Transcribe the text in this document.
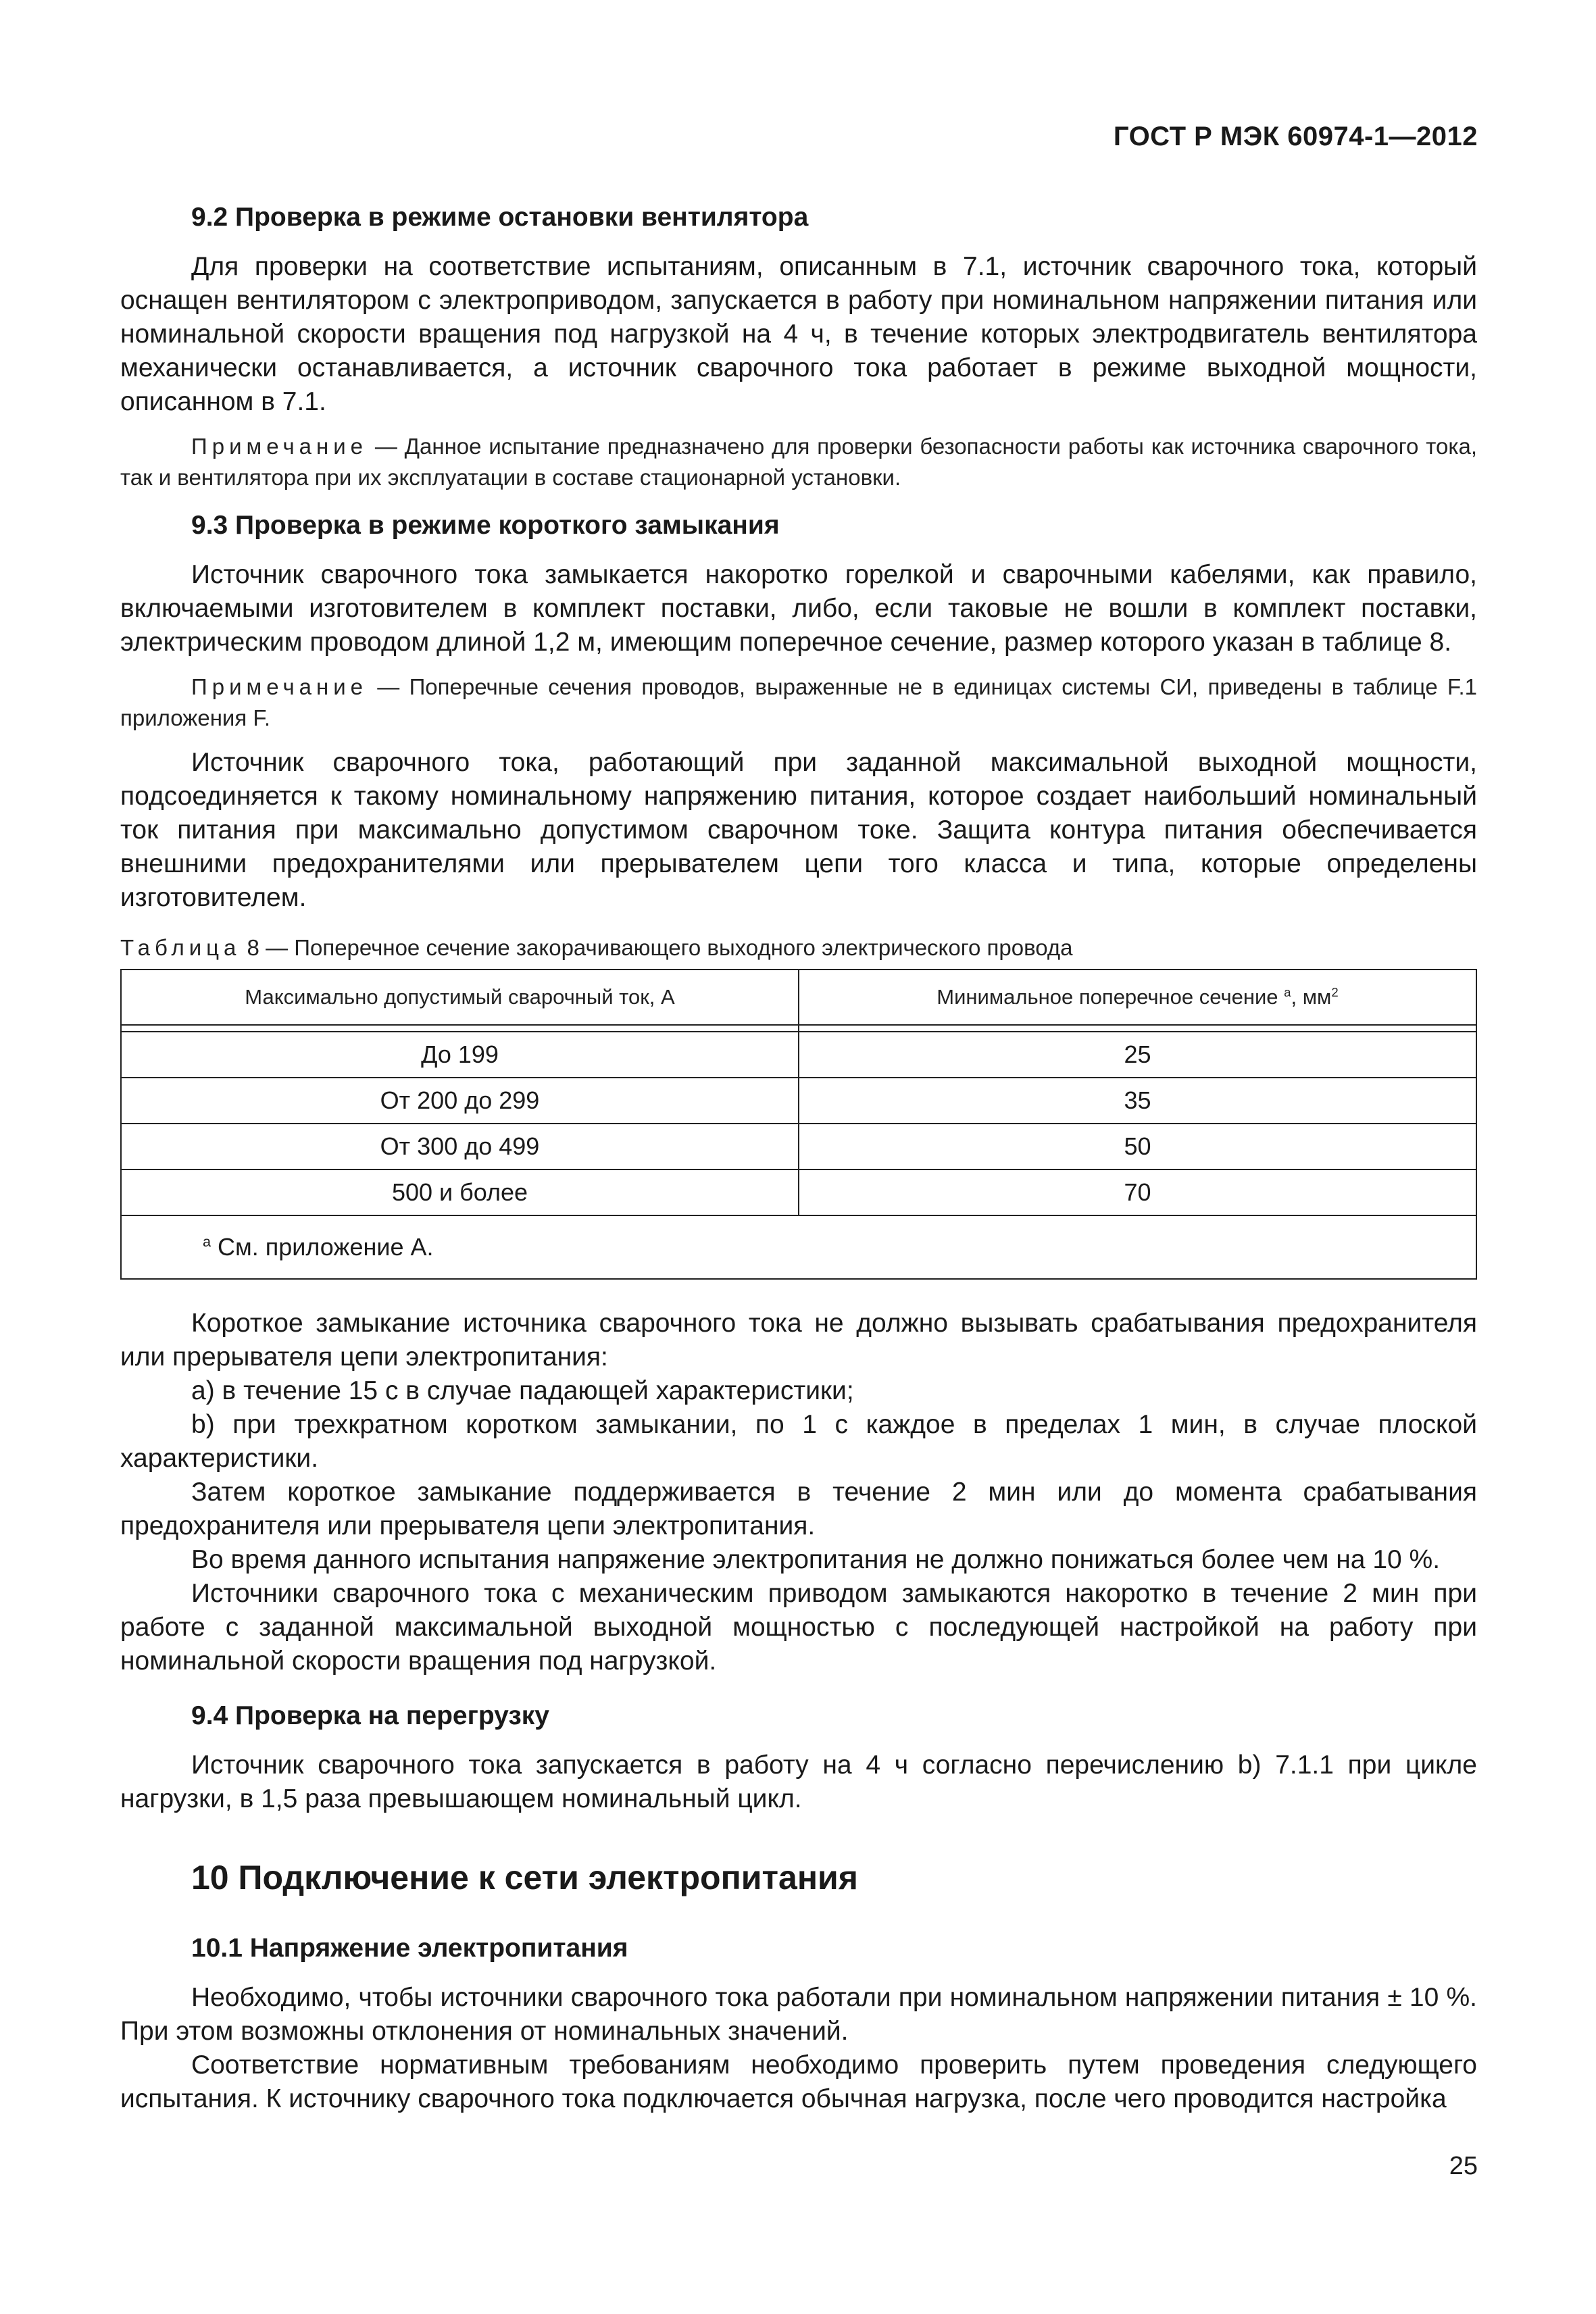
ГОСТ Р МЭК 60974-1—2012
9.2 Проверка в режиме остановки вентилятора

Для проверки на соответствие испытаниям, описанным в 7.1, источник сварочного тока, который оснащен вентилятором с электроприводом, запускается в работу при номинальном напряжении питания или номинальной скорости вращения под нагрузкой на 4 ч, в течение которых электродвигатель вентилятора механически останавливается, а источник сварочного тока работает в режиме выходной мощности, описанном в 7.1.

Примечание — Данное испытание предназначено для проверки безопасности работы как источника сварочного тока, так и вентилятора при их эксплуатации в составе стационарной установки.

9.3 Проверка в режиме короткого замыкания

Источник сварочного тока замыкается накоротко горелкой и сварочными кабелями, как правило, включаемыми изготовителем в комплект поставки, либо, если таковые не вошли в комплект поставки, электрическим проводом длиной 1,2 м, имеющим поперечное сечение, размер которого указан в таблице 8.

Примечание — Поперечные сечения проводов, выраженные не в единицах системы СИ, приведены в таблице F.1 приложения F.

Источник сварочного тока, работающий при заданной максимальной выходной мощности, подсоединяется к такому номинальному напряжению питания, которое создает наибольший номинальный ток питания при максимально допустимом сварочном токе. Защита контура питания обеспечивается внешними предохранителями или прерывателем цепи того класса и типа, которые определены изготовителем.

Таблица 8 — Поперечное сечение закорачивающего выходного электрического провода
Максимально допустимый сварочный ток, А	Минимальное поперечное сечение $^а$, $мм^2$

До 199	25
От 200 до 299	35
От 300 до 499	50
500 и более	70
$^а$ См. приложение А.	

Короткое замыкание источника сварочного тока не должно вызывать срабатывания предохранителя или прерывателя цепи электропитания:

a) в течение 15 с в случае падающей характеристики;

b) при трехкратном коротком замыкании, по 1 с каждое в пределах 1 мин, в случае плоской характеристики.

Затем короткое замыкание поддерживается в течение 2 мин или до момента срабатывания предохранителя или прерывателя цепи электропитания.

Во время данного испытания напряжение электропитания не должно понижаться более чем на 10 %.

Источники сварочного тока с механическим приводом замыкаются накоротко в течение 2 мин при работе с заданной максимальной выходной мощностью с последующей настройкой на работу при номинальной скорости вращения под нагрузкой.

9.4 Проверка на перегрузку

Источник сварочного тока запускается в работу на 4 ч согласно перечислению b) 7.1.1 при цикле нагрузки, в 1,5 раза превышающем номинальный цикл.

10 Подключение к сети электропитания
10.1 Напряжение электропитания

Необходимо, чтобы источники сварочного тока работали при номинальном напряжении питания ± 10 %. При этом возможны отклонения от номинальных значений.

Соответствие нормативным требованиям необходимо проверить путем проведения следующего испытания. К источнику сварочного тока подключается обычная нагрузка, после чего проводится настройка

25
